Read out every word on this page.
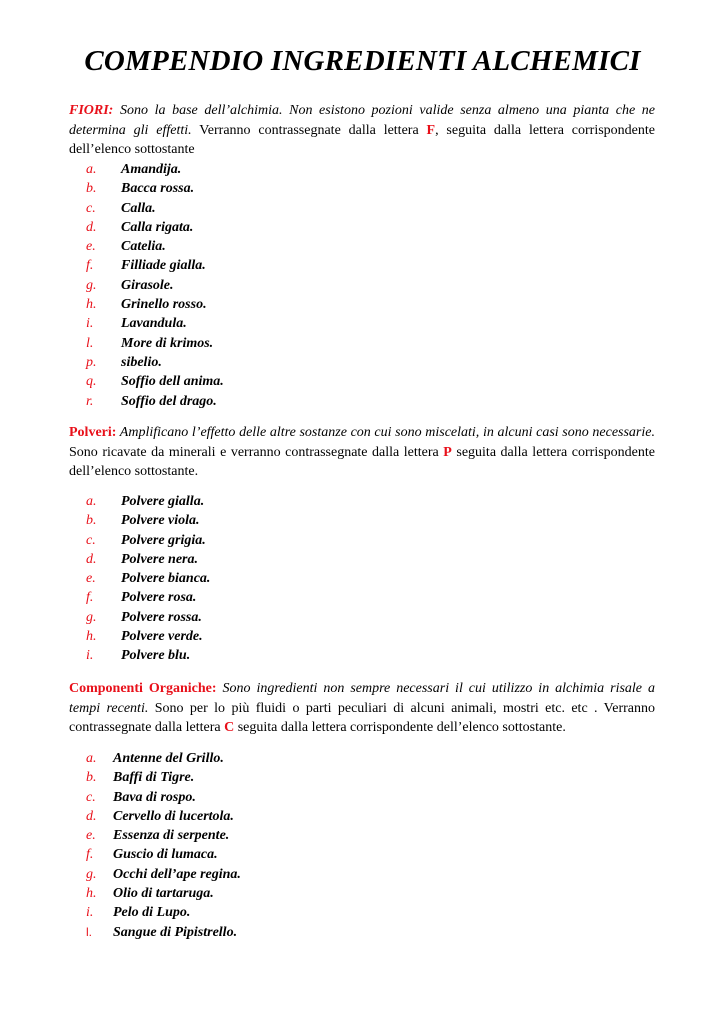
COMPENDIO INGREDIENTI ALCHEMICI

FIORI: Sono la base dell’alchimia. Non esistono pozioni valide senza almeno una pianta che ne determina gli effetti. Verranno contrassegnate dalla lettera F, seguita dalla lettera corrispondente dell’elenco sottostante

a. Amandija.
b. Bacca rossa.
c. Calla.
d. Calla rigata.
e. Catelia.
f. Filliade gialla.
g. Girasole.
h. Grinello rosso.
i. Lavandula.
l. More di krimos.
p. sibelio.
q. Soffio dell anima.
r. Soffio del drago.

Polveri: Amplificano l’effetto delle altre sostanze con cui sono miscelati, in alcuni casi sono necessarie. Sono ricavate da minerali e verranno contrassegnate dalla lettera P seguita dalla lettera corrispondente dell’elenco sottostante.

a. Polvere gialla.
b. Polvere viola.
c. Polvere grigia.
d. Polvere nera.
e. Polvere bianca.
f. Polvere rosa.
g. Polvere rossa.
h. Polvere verde.
i. Polvere blu.

Componenti Organiche: Sono ingredienti non sempre necessari il cui utilizzo in alchimia risale a tempi recenti. Sono per lo più fluidi o parti peculiari di alcuni animali, mostri etc. etc . Verranno contrassegnate dalla lettera C seguita dalla lettera corrispondente dell’elenco sottostante.

a. Antenne del Grillo.
b. Baffi di Tigre.
c. Bava di rospo.
d. Cervello di lucertola.
e. Essenza di serpente.
f. Guscio di lumaca.
g. Occhi dell’ape regina.
h. Olio di tartaruga.
i. Pelo di Lupo.
l. Sangue di Pipistrello.
